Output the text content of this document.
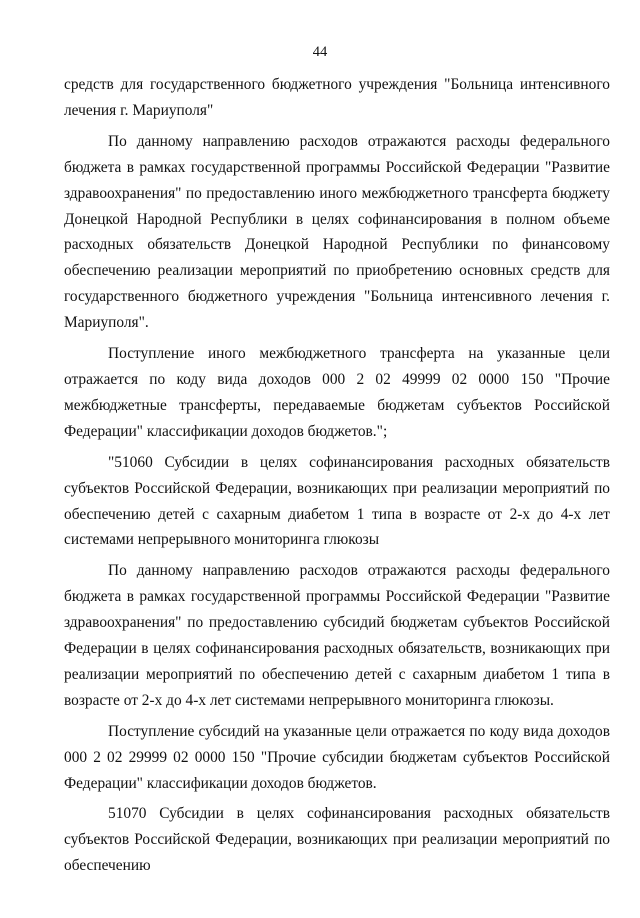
44

средств для государственного бюджетного учреждения "Больница интенсивного лечения г. Мариуполя"

По данному направлению расходов отражаются расходы федерального бюджета в рамках государственной программы Российской Федерации "Развитие здравоохранения" по предоставлению иного межбюджетного трансферта бюджету Донецкой Народной Республики в целях софинансирования в полном объеме расходных обязательств Донецкой Народной Республики по финансовому обеспечению реализации мероприятий по приобретению основных средств для государственного бюджетного учреждения "Больница интенсивного лечения г. Мариуполя".

Поступление иного межбюджетного трансферта на указанные цели отражается по коду вида доходов 000 2 02 49999 02 0000 150 "Прочие межбюджетные трансферты, передаваемые бюджетам субъектов Российской Федерации" классификации доходов бюджетов.";

"51060 Субсидии в целях софинансирования расходных обязательств субъектов Российской Федерации, возникающих при реализации мероприятий по обеспечению детей с сахарным диабетом 1 типа в возрасте от 2-х до 4-х лет системами непрерывного мониторинга глюкозы

По данному направлению расходов отражаются расходы федерального бюджета в рамках государственной программы Российской Федерации "Развитие здравоохранения" по предоставлению субсидий бюджетам субъектов Российской Федерации в целях софинансирования расходных обязательств, возникающих при реализации мероприятий по обеспечению детей с сахарным диабетом 1 типа в возрасте от 2-х до 4-х лет системами непрерывного мониторинга глюкозы.

Поступление субсидий на указанные цели отражается по коду вида доходов 000 2 02 29999 02 0000 150 "Прочие субсидии бюджетам субъектов Российской Федерации" классификации доходов бюджетов.

51070 Субсидии в целях софинансирования расходных обязательств субъектов Российской Федерации, возникающих при реализации мероприятий по обеспечению
